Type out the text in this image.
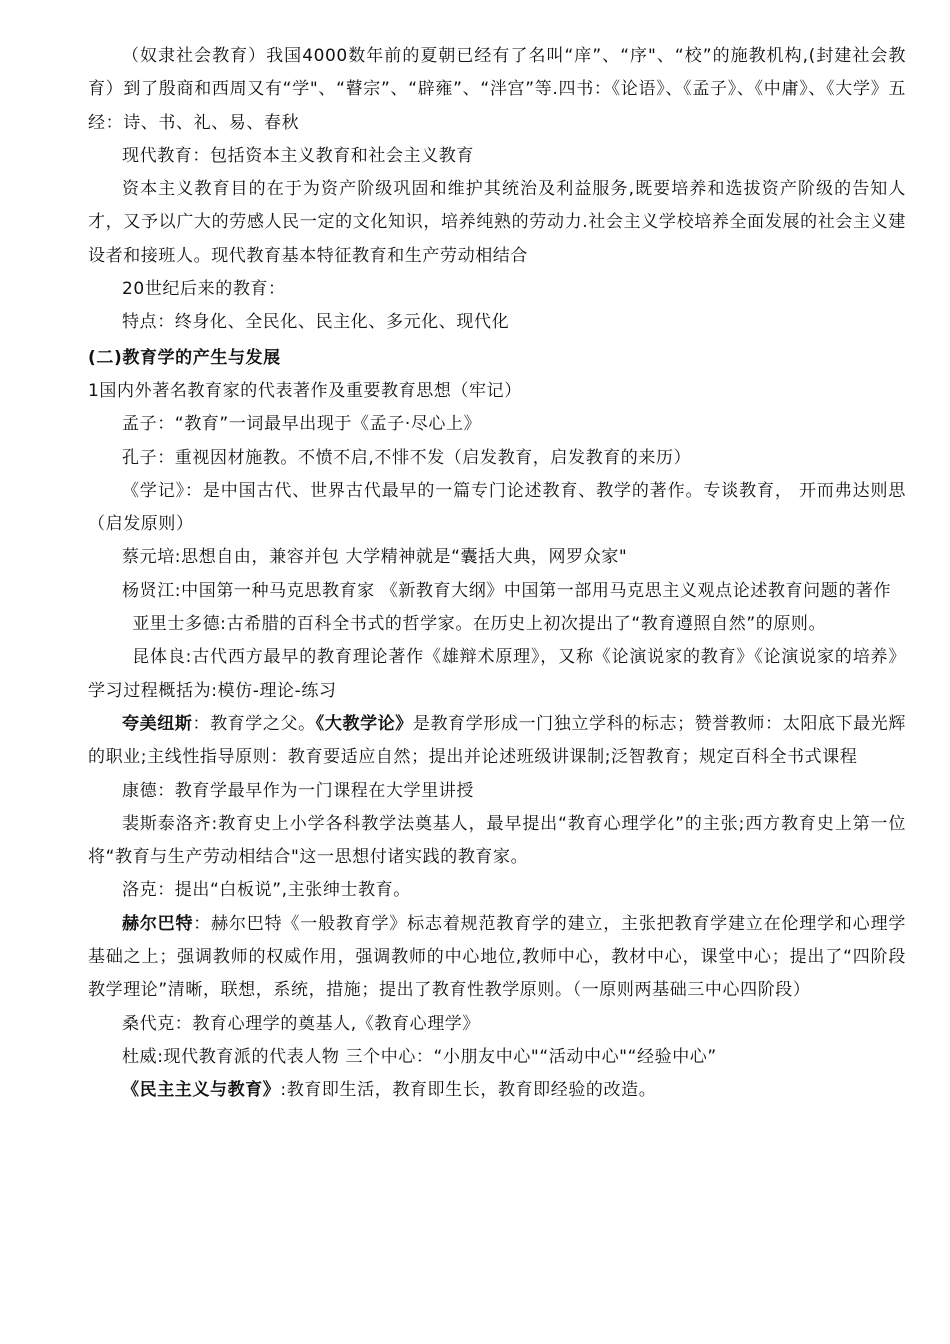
（奴隶社会教育）我国4000数年前的夏朝已经有了名叫“庠”、“序"、“校”的施教机构,(封建社会教育）到了殷商和西周又有“学"、“瞽宗”、“辟雍”、“泮宫”等.四书：《论语》、《孟子》、《中庸》、《大学》五经：诗、书、礼、易、春秋

现代教育：包括资本主义教育和社会主义教育

资本主义教育目的在于为资产阶级巩固和维护其统治及利益服务,既要培养和选拔资产阶级的告知人才，又予以广大的劳感人民一定的文化知识，培养纯熟的劳动力.社会主义学校培养全面发展的社会主义建设者和接班人。现代教育基本特征教育和生产劳动相结合

20世纪后来的教育：

特点：终身化、全民化、民主化、多元化、现代化

(二)教育学的产生与发展

1国内外著名教育家的代表著作及重要教育思想（牢记）

孟子：“教育”一词最早出现于《孟子·尽心上》

孔子：重视因材施教。不愤不启,不悱不发（启发教育，启发教育的来历）

《学记》：是中国古代、世界古代最早的一篇专门论述教育、教学的著作。专谈教育， 开而弗达则思（启发原则）

蔡元培:思想自由，兼容并包 大学精神就是“囊括大典，网罗众家"

杨贤江:中国第一种马克思教育家 《新教育大纲》中国第一部用马克思主义观点论述教育问题的著作

亚里士多德:古希腊的百科全书式的哲学家。在历史上初次提出了“教育遵照自然”的原则。

昆体良:古代西方最早的教育理论著作《雄辩术原理》，又称《论演说家的教育》《论演说家的培养》学习过程概括为:模仿-理论-练习

夸美纽斯：教育学之父。《大教学论》是教育学形成一门独立学科的标志；赞誉教师：太阳底下最光辉的职业;主线性指导原则：教育要适应自然；提出并论述班级讲课制;泛智教育；规定百科全书式课程

康德：教育学最早作为一门课程在大学里讲授

裴斯泰洛齐:教育史上小学各科教学法奠基人，最早提出“教育心理学化”的主张;西方教育史上第一位将“教育与生产劳动相结合"这一思想付诸实践的教育家。

洛克：提出“白板说”,主张绅士教育。

赫尔巴特：赫尔巴特《一般教育学》标志着规范教育学的建立，主张把教育学建立在伦理学和心理学基础之上；强调教师的权威作用，强调教师的中心地位,教师中心，教材中心，课堂中心；提出了“四阶段教学理论”清晰，联想，系统，措施；提出了教育性教学原则。（一原则两基础三中心四阶段）

桑代克：教育心理学的奠基人,《教育心理学》

杜威:现代教育派的代表人物 三个中心：“小朋友中心"“活动中心"“经验中心”

《民主主义与教育》:教育即生活，教育即生长，教育即经验的改造。
